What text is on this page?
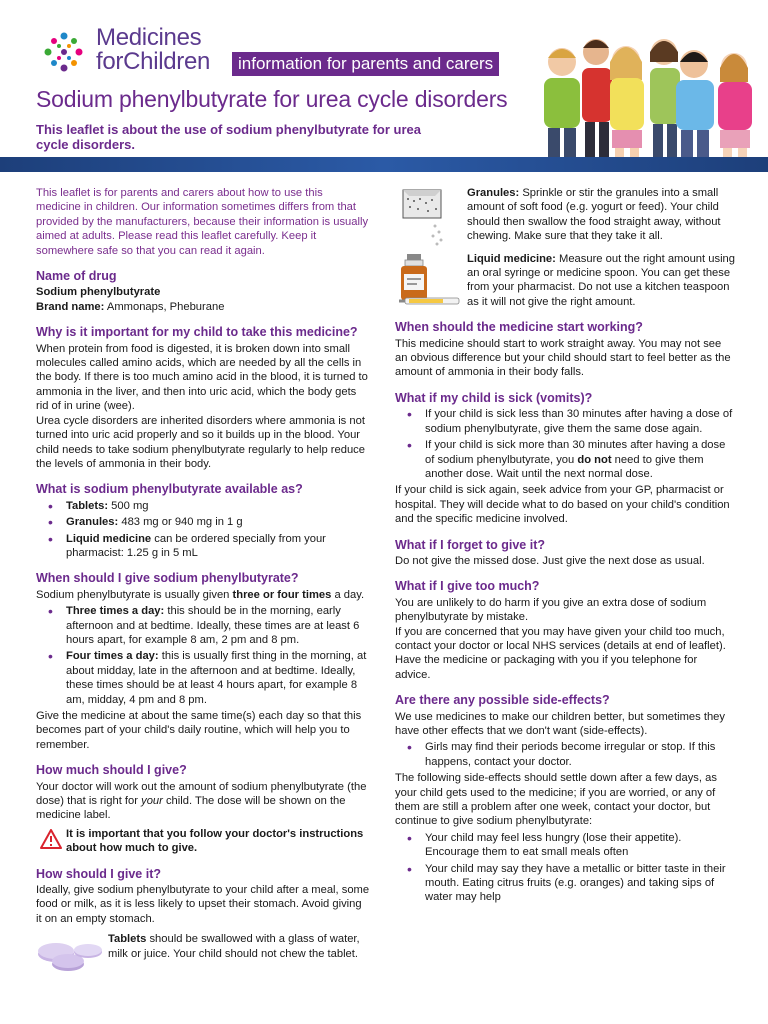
Medicines
forChildren	information for parents and carers
Sodium phenylbutyrate for urea cycle disorders
This leaflet is about the use of sodium phenylbutyrate for urea cycle disorders.

This leaflet is for parents and carers about how to use this medicine in children. Our information sometimes differs from that provided by the manufacturers, because their information is usually aimed at adults. Please read this leaflet carefully. Keep it somewhere safe so that you can read it again.

Name of drug

Sodium phenylbutyrate

Brand name: Ammonaps, Pheburane

Why is it important for my child to take this medicine?

When protein from food is digested, it is broken down into small molecules called amino acids, which are needed by all the cells in the body. If there is too much amino acid in the blood, it is turned to ammonia in the liver, and then into uric acid, which the body gets rid of in urine (wee).

Urea cycle disorders are inherited disorders where ammonia is not turned into uric acid properly and so it builds up in the blood. Your child needs to take sodium phenylbutyrate regularly to help reduce the levels of ammonia in their body.

What is sodium phenylbutyrate available as?
• Tablets: 500 mg
• Granules: 483 mg or 940 mg in 1 g
• Liquid medicine can be ordered specially from your pharmacist: 1.25 g in 5 mL
When should I give sodium phenylbutyrate?

Sodium phenylbutyrate is usually given three or four times a day.

• Three times a day: this should be in the morning, early afternoon and at bedtime. Ideally, these times are at least 6 hours apart, for example 8 am, 2 pm and 8 pm.
• Four times a day: this is usually first thing in the morning, at about midday, late in the afternoon and at bedtime. Ideally, these times should be at least 4 hours apart, for example 8 am, midday, 4 pm and 8 pm.

Give the medicine at about the same time(s) each day so that this becomes part of your child's daily routine, which will help you to remember.

How much should I give?

Your doctor will work out the amount of sodium phenylbutyrate (the dose) that is right for your child. The dose will be shown on the medicine label.

It is important that you follow your doctor's instructions about how much to give.
How should I give it?

Ideally, give sodium phenylbutyrate to your child after a meal, some food or milk, as it is less likely to upset their stomach. Avoid giving it on an empty stomach.

Tablets should be swallowed with a glass of water, milk or juice. Your child should not chew the tablet.
Granules: Sprinkle or stir the granules into a small amount of soft food (e.g. yogurt or feed). Your child should then swallow the food straight away, without chewing. Make sure that they take it all.
Liquid medicine: Measure out the right amount using an oral syringe or medicine spoon. You can get these from your pharmacist. Do not use a kitchen teaspoon as it will not give the right amount.
When should the medicine start working?

This medicine should start to work straight away. You may not see an obvious difference but your child should start to feel better as the amount of ammonia in their body falls.

What if my child is sick (vomits)?
• If your child is sick less than 30 minutes after having a dose of sodium phenylbutyrate, give them the same dose again.
• If your child is sick more than 30 minutes after having a dose of sodium phenylbutyrate, you do not need to give them another dose. Wait until the next normal dose.

If your child is sick again, seek advice from your GP, pharmacist or hospital. They will decide what to do based on your child's condition and the specific medicine involved.

What if I forget to give it?

Do not give the missed dose. Just give the next dose as usual.

What if I give too much?

You are unlikely to do harm if you give an extra dose of sodium phenylbutyrate by mistake.

If you are concerned that you may have given your child too much, contact your doctor or local NHS services (details at end of leaflet). Have the medicine or packaging with you if you telephone for advice.

Are there any possible side-effects?

We use medicines to make our children better, but sometimes they have other effects that we don't want (side-effects).

• Girls may find their periods become irregular or stop. If this happens, contact your doctor.

The following side-effects should settle down after a few days, as your child gets used to the medicine; if you are worried, or any of them are still a problem after one week, contact your doctor, but continue to give sodium phenylbutyrate:

• Your child may feel less hungry (lose their appetite). Encourage them to eat small meals often
• Your child may say they have a metallic or bitter taste in their mouth. Eating citrus fruits (e.g. oranges) and taking sips of water may help
